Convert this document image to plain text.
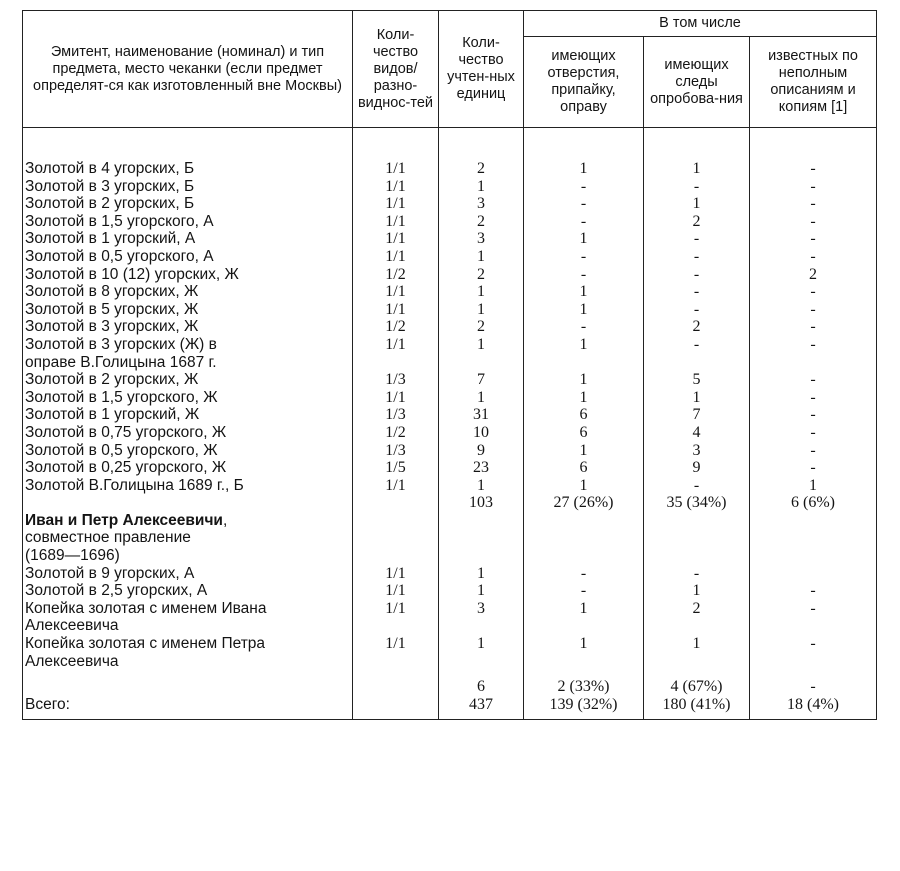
Эмитент, наименование (номинал) и тип предмета, место чеканки (если предмет определят-ся как изготовленный вне Москвы)	Коли-чество видов/ разно-виднос-тей	Коли-чество учтен-ных единиц	В том числе		
			имеющих отверстия, припайку, оправу	имеющих следы опробова-ния	известных по неполным описаниям и копиям [1]

Золотой в 4 угорских, Б	1/1	2	1	1	-
Золотой в 3 угорских, Б	1/1	1	-	-	-
Золотой в 2 угорских, Б	1/1	3	-	1	-
Золотой в 1,5 угорского, А	1/1	2	-	2	-
Золотой в 1 угорский, А	1/1	3	1	-	-
Золотой в 0,5 угорского, А	1/1	1	-	-	-
Золотой в 10 (12) угорских, Ж	1/2	2	-	-	2
Золотой в 8 угорских, Ж	1/1	1	1	-	-
Золотой в 5 угорских, Ж	1/1	1	1	-	-
Золотой в 3 угорских, Ж	1/2	2	-	2	-
Золотой в 3 угорских (Ж) в	1/1	1	1	-	-
оправе В.Голицына 1687 г.					
Золотой в 2 угорских, Ж	1/3	7	1	5	-
Золотой в 1,5 угорского, Ж	1/1	1	1	1	-
Золотой в 1 угорский, Ж	1/3	31	6	7	-
Золотой в 0,75 угорского, Ж	1/2	10	6	4	-
Золотой в 0,5 угорского, Ж	1/3	9	1	3	-
Золотой в 0,25 угорского, Ж	1/5	23	6	9	-
Золотой В.Голицына 1689 г., Б	1/1	1	1	-	1
		103	27 (26%)	35 (34%)	6 (6%)
Иван и Петр Алексеевичи,					
совместное правление					
(1689—1696)					
Золотой в 9 угорских, А	1/1	1	-	-	
Золотой в 2,5 угорских, А	1/1	1	-	1	-
Копейка золотая с именем Ивана	1/1	3	1	2	-
Алексеевича					
Копейка золотая с именем Петра	1/1	1	1	1	-
Алексеевича					

		6	2 (33%)	4 (67%)	-
Всего:		437	139 (32%)	180 (41%)	18 (4%)
